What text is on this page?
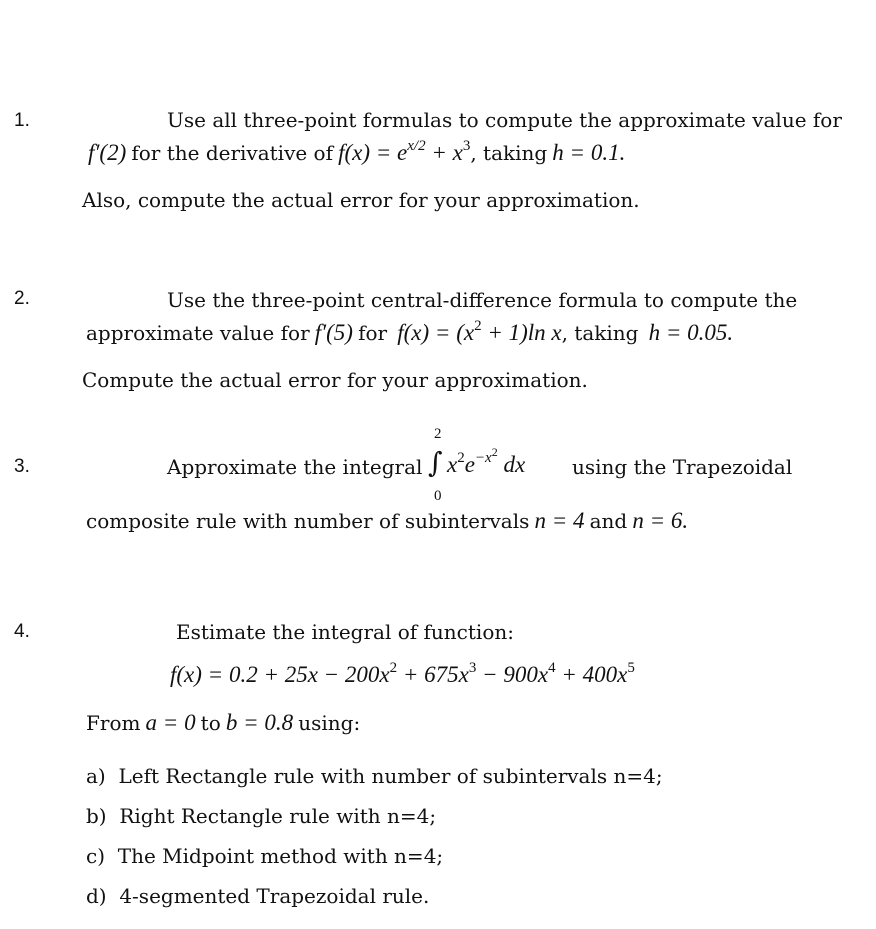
1.	Use all three-point formulas to compute the approximate value for
f′(2) for the derivative of $f(x) = e^{x/2} + x^3$, taking h = 0.1.
Also, compute the actual error for your approximation.
2.	Use the three-point central-difference formula to compute the
approximate value for f′(5) for $f(x) = (x^2 + 1)\ln$ x, taking h = 0.05.
Compute the actual error for your approximation.
3.	Approximate the integral
2
∫
0
$x^2e^{-x^2}$ dx using the Trapezoidal
composite rule with number of subintervals n = 4 and n = 6.
4.	Estimate the integral of function:
$f(x) = 0.2 + 25x - 200x^2 + 675x^3 - 900x^4 + 400x^5$
From a = 0 to b = 0.8 using:
a) Left Rectangle rule with number of subintervals n=4;
b) Right Rectangle rule with n=4;
c) The Midpoint method with n=4;
d) 4-segmented Trapezoidal rule.
